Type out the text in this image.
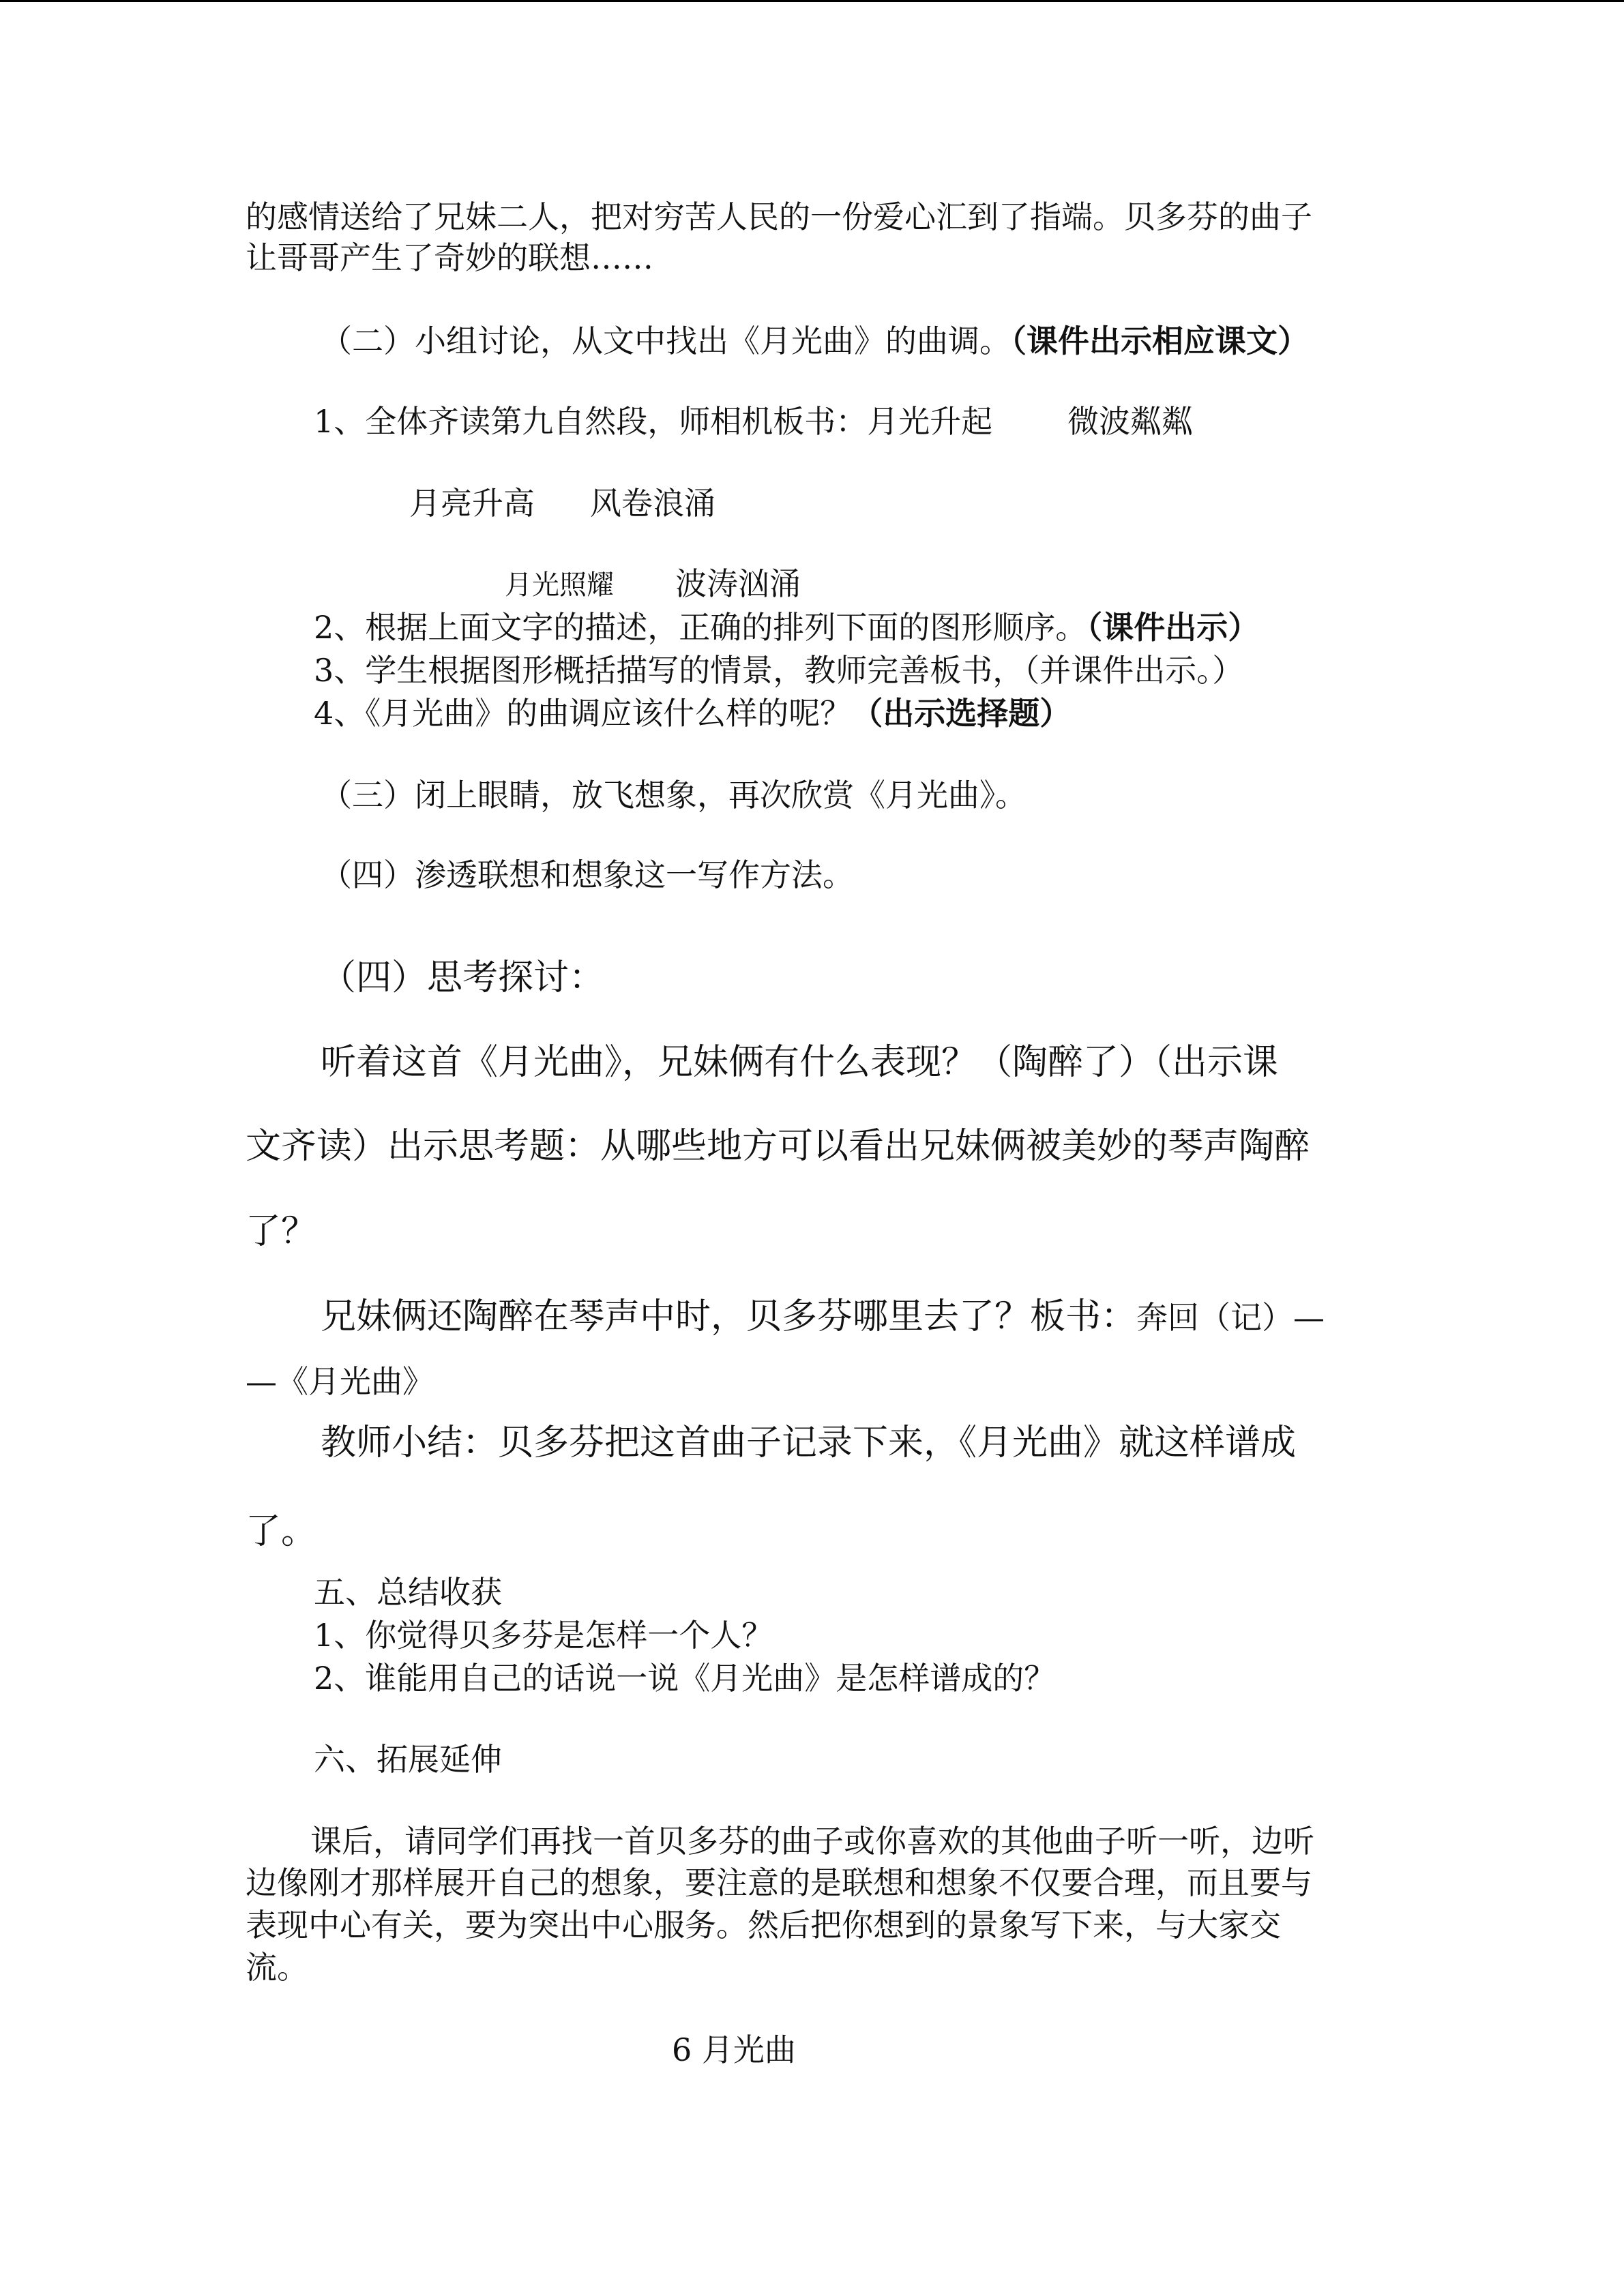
的感情送给了兄妹二人，把对穷苦人民的一份爱心汇到了指端。贝多芬的曲子

让哥哥产生了奇妙的联想……

（二）小组讨论，从文中找出《月光曲》的曲调。（课件出示相应课文）

1、全体齐读第九自然段，师相机板书：月光升起 微波粼粼

月亮升高 风卷浪涌

月光照耀 波涛汹涌

2、根据上面文字的描述，正确的排列下面的图形顺序。（课件出示）

3、学生根据图形概括描写的情景，教师完善板书，（并课件出示。）

4、《月光曲》的曲调应该什么样的呢？（出示选择题）

（三）闭上眼睛，放飞想象，再次欣赏《月光曲》。

（四）渗透联想和想象这一写作方法。

（四）思考探讨：

听着这首《月光曲》，兄妹俩有什么表现？（陶醉了）（出示课

文齐读）出示思考题：从哪些地方可以看出兄妹俩被美妙的琴声陶醉

了？

兄妹俩还陶醉在琴声中时，贝多芬哪里去了？板书：奔回（记）—

—《月光曲》

教师小结：贝多芬把这首曲子记录下来，《月光曲》就这样谱成

了。

五、总结收获

1、你觉得贝多芬是怎样一个人？

2、谁能用自己的话说一说《月光曲》是怎样谱成的？

六、拓展延伸

课后，请同学们再找一首贝多芬的曲子或你喜欢的其他曲子听一听，边听

边像刚才那样展开自己的想象，要注意的是联想和想象不仅要合理，而且要与

表现中心有关，要为突出中心服务。然后把你想到的景象写下来，与大家交

流。

6 月光曲
